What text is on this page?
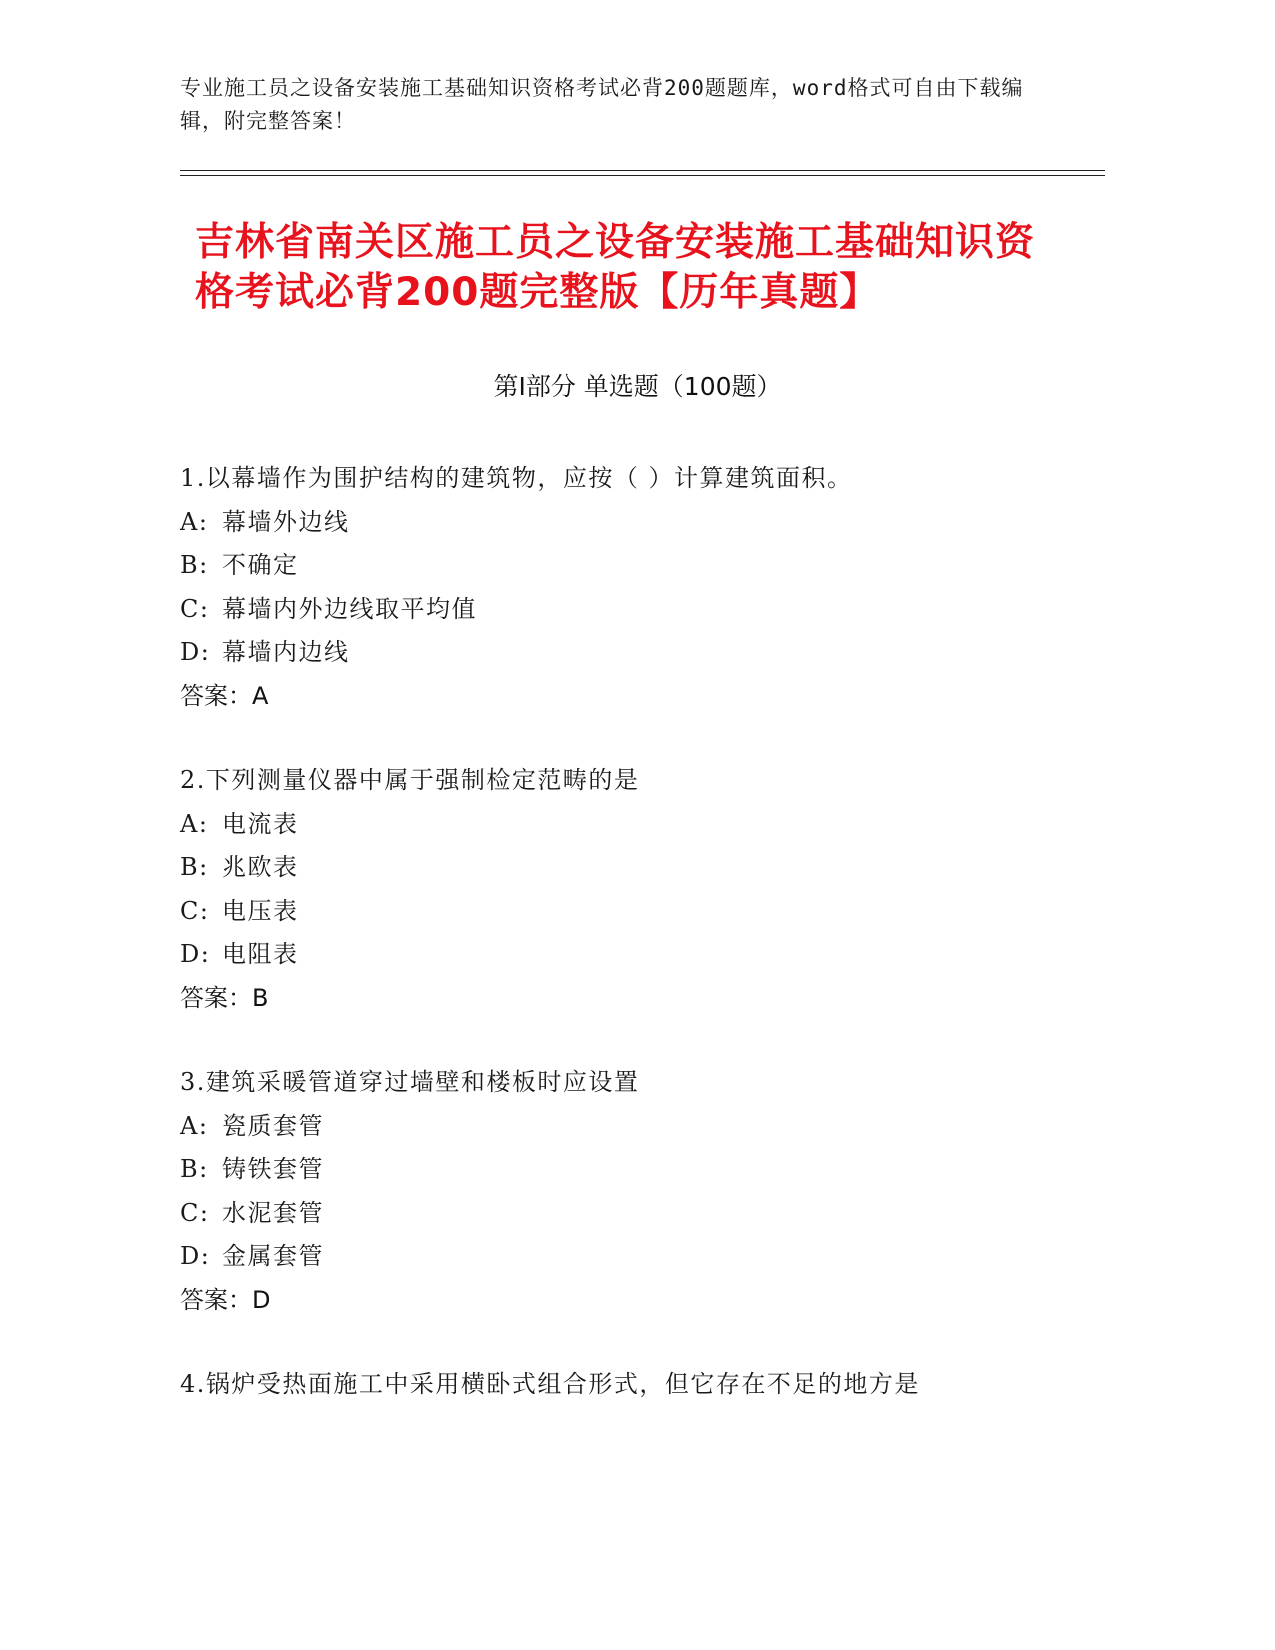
专业施工员之设备安装施工基础知识资格考试必背200题题库，word格式可自由下载编辑，附完整答案！
吉林省南关区施工员之设备安装施工基础知识资格考试必背200题完整版【历年真题】
第Ⅰ部分 单选题（100题）
1.以幕墙作为围护结构的建筑物，应按（ ）计算建筑面积。
A: 幕墙外边线
B: 不确定
C: 幕墙内外边线取平均值
D: 幕墙内边线
答案：A
2.下列测量仪器中属于强制检定范畴的是
A: 电流表
B: 兆欧表
C: 电压表
D: 电阻表
答案：B
3.建筑采暖管道穿过墙壁和楼板时应设置
A: 瓷质套管
B: 铸铁套管
C: 水泥套管
D: 金属套管
答案：D
4.锅炉受热面施工中采用横卧式组合形式，但它存在不足的地方是
